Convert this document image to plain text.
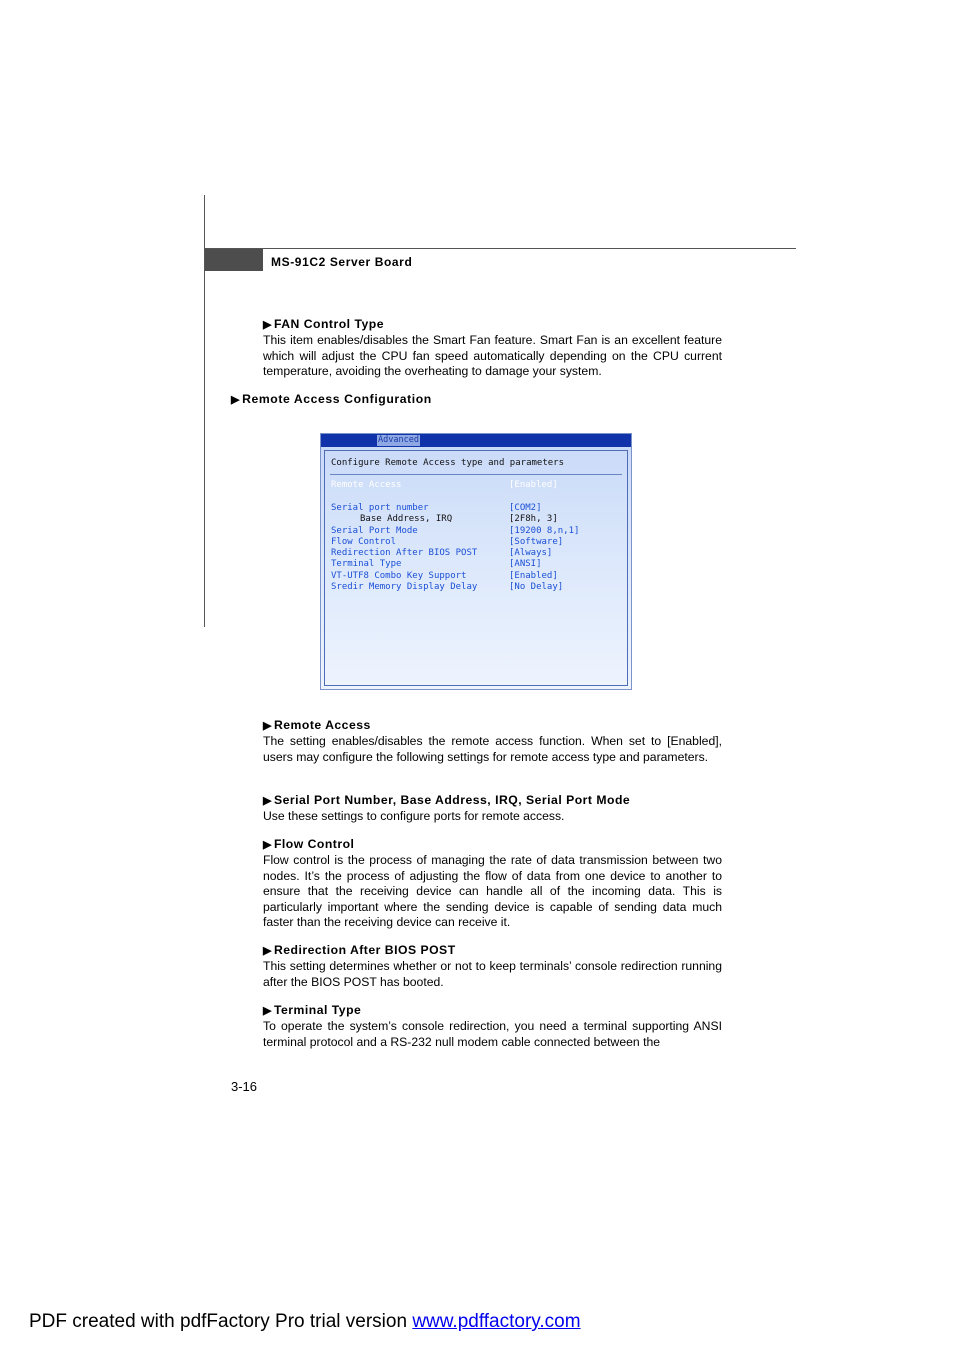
MS-91C2 Server Board
▶ FAN Control Type
This item enables/disables the Smart Fan feature. Smart Fan is an excellent feature which will adjust the CPU fan speed automatically depending on the CPU current temperature, avoiding the overheating to damage your system.
▶ Remote Access Configuration
Advanced
Configure Remote Access type and parameters
Remote Access	[Enabled]
Serial port number	[COM2]
Base Address, IRQ	[2F8h, 3]
Serial Port Mode	[19200 8,n,1]
Flow Control	[Software]
Redirection After BIOS POST	[Always]
Terminal Type	[ANSI]
VT-UTF8 Combo Key Support	[Enabled]
Sredir Memory Display Delay	[No Delay]
▶ Remote Access
The setting enables/disables the remote access function. When set to [Enabled], users may configure the following settings for remote access type and parameters.
▶ Serial Port Number, Base Address, IRQ, Serial Port Mode
Use these settings to configure ports for remote access.
▶ Flow Control
Flow control is the process of managing the rate of data transmission between two nodes. It’s the process of adjusting the flow of data from one device to another to ensure that the receiving device can handle all of the incoming data. This is particularly important where the sending device is capable of sending data much faster than the receiving device can receive it.
▶ Redirection After BIOS POST
This setting determines whether or not to keep terminals’ console redirection running after the BIOS POST has booted.
▶ Terminal Type
To operate the system’s console redirection, you need a terminal supporting ANSI terminal protocol and a RS-232 null modem cable connected between the
3-16
PDF created with pdfFactory Pro trial version www.pdffactory.com
